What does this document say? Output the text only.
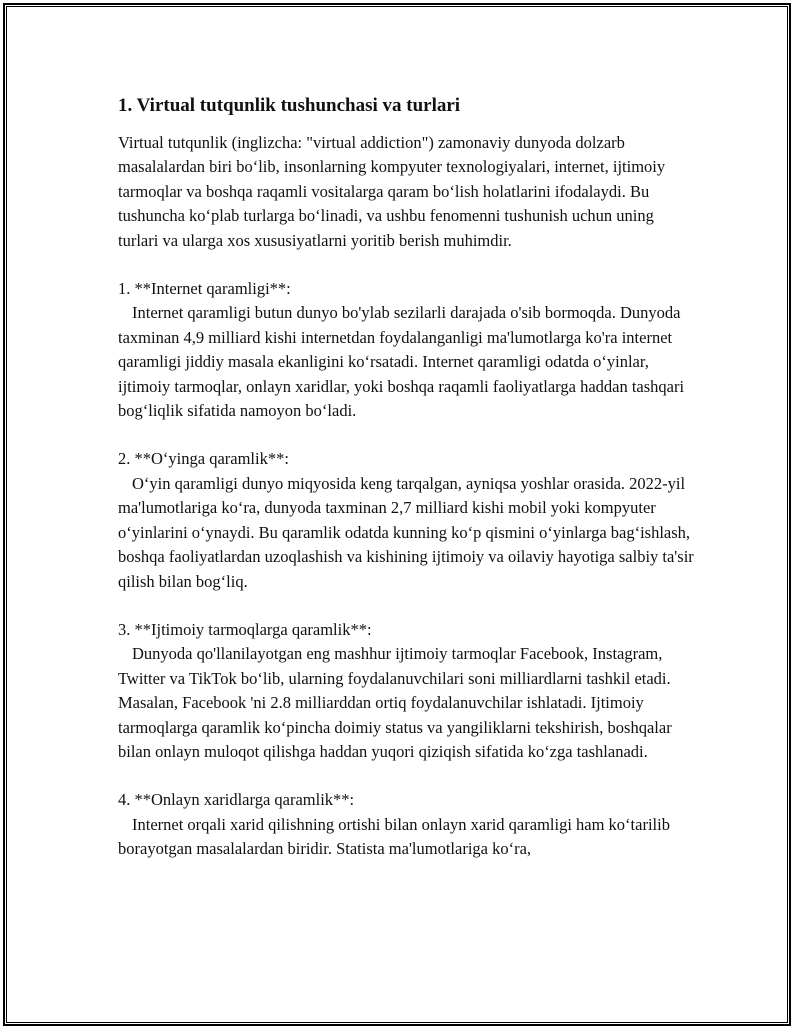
1. Virtual tutqunlik tushunchasi va turlari

Virtual tutqunlik (inglizcha: "virtual addiction") zamonaviy dunyoda dolzarb masalalardan biri bo‘lib, insonlarning kompyuter texnologiyalari, internet, ijtimoiy tarmoqlar va boshqa raqamli vositalarga qaram bo‘lish holatlarini ifodalaydi. Bu tushuncha ko‘plab turlarga bo‘linadi, va ushbu fenomenni tushunish uchun uning turlari va ularga xos xususiyatlarni yoritib berish muhimdir.

1. **Internet qaramligi**:
Internet qaramligi butun dunyo bo'ylab sezilarli darajada o'sib bormoqda. Dunyoda taxminan 4,9 milliard kishi internetdan foydalanganligi ma'lumotlarga ko'ra internet qaramligi jiddiy masala ekanligini ko‘rsatadi. Internet qaramligi odatda o‘yinlar, ijtimoiy tarmoqlar, onlayn xaridlar, yoki boshqa raqamli faoliyatlarga haddan tashqari bog‘liqlik sifatida namoyon bo‘ladi.

2. **O‘yinga qaramlik**:
O‘yin qaramligi dunyo miqyosida keng tarqalgan, ayniqsa yoshlar orasida. 2022-yil ma'lumotlariga ko‘ra, dunyoda taxminan 2,7 milliard kishi mobil yoki kompyuter o‘yinlarini o‘ynaydi. Bu qaramlik odatda kunning ko‘p qismini o‘yinlarga bag‘ishlash, boshqa faoliyatlardan uzoqlashish va kishining ijtimoiy va oilaviy hayotiga salbiy ta'sir qilish bilan bog‘liq.

3. **Ijtimoiy tarmoqlarga qaramlik**:
Dunyoda qo'llanilayotgan eng mashhur ijtimoiy tarmoqlar Facebook, Instagram, Twitter va TikTok bo‘lib, ularning foydalanuvchilari soni milliardlarni tashkil etadi. Masalan, Facebook 'ni 2.8 milliarddan ortiq foydalanuvchilar ishlatadi. Ijtimoiy tarmoqlarga qaramlik ko‘pincha doimiy status va yangiliklarni tekshirish, boshqalar bilan onlayn muloqot qilishga haddan yuqori qiziqish sifatida ko‘zga tashlanadi.

4. **Onlayn xaridlarga qaramlik**:
Internet orqali xarid qilishning ortishi bilan onlayn xarid qaramligi ham ko‘tarilib borayotgan masalalardan biridir. Statista ma'lumotlariga ko‘ra,
